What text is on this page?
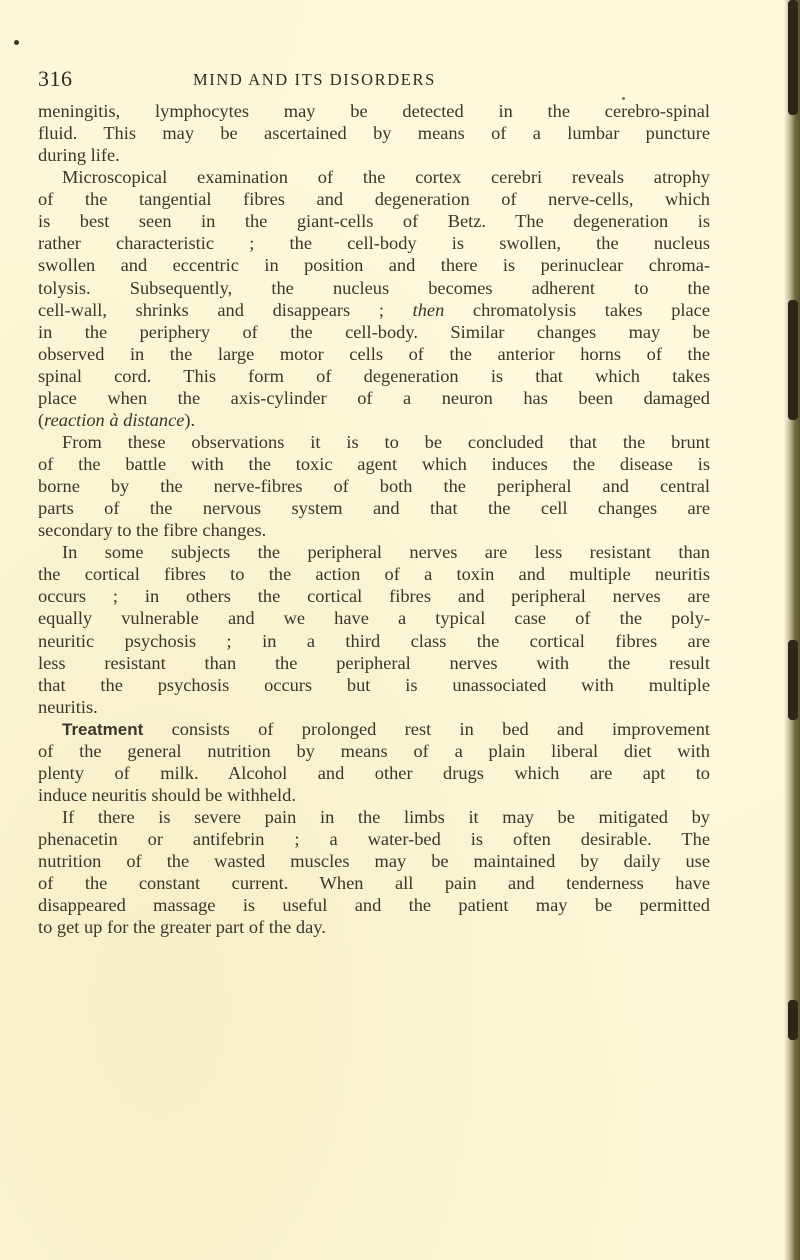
316	MIND AND ITS DISORDERS
meningitis, lymphocytes may be detected in the cerebro-spinal
fluid. This may be ascertained by means of a lumbar puncture
during life.
Microscopical examination of the cortex cerebri reveals atrophy
of the tangential fibres and degeneration of nerve-cells, which
is best seen in the giant-cells of Betz. The degeneration is
rather characteristic ; the cell-body is swollen, the nucleus
swollen and eccentric in position and there is perinuclear chroma-
tolysis. Subsequently, the nucleus becomes adherent to the
cell-wall, shrinks and disappears ; then chromatolysis takes place
in the periphery of the cell-body. Similar changes may be
observed in the large motor cells of the anterior horns of the
spinal cord. This form of degeneration is that which takes
place when the axis-cylinder of a neuron has been damaged
(reaction à distance).
From these observations it is to be concluded that the brunt
of the battle with the toxic agent which induces the disease is
borne by the nerve-fibres of both the peripheral and central
parts of the nervous system and that the cell changes are
secondary to the fibre changes.
In some subjects the peripheral nerves are less resistant than
the cortical fibres to the action of a toxin and multiple neuritis
occurs ; in others the cortical fibres and peripheral nerves are
equally vulnerable and we have a typical case of the poly-
neuritic psychosis ; in a third class the cortical fibres are
less resistant than the peripheral nerves with the result
that the psychosis occurs but is unassociated with multiple
neuritis.
Treatment consists of prolonged rest in bed and improvement
of the general nutrition by means of a plain liberal diet with
plenty of milk. Alcohol and other drugs which are apt to
induce neuritis should be withheld.
If there is severe pain in the limbs it may be mitigated by
phenacetin or antifebrin ; a water-bed is often desirable. The
nutrition of the wasted muscles may be maintained by daily use
of the constant current. When all pain and tenderness have
disappeared massage is useful and the patient may be permitted
to get up for the greater part of the day.
